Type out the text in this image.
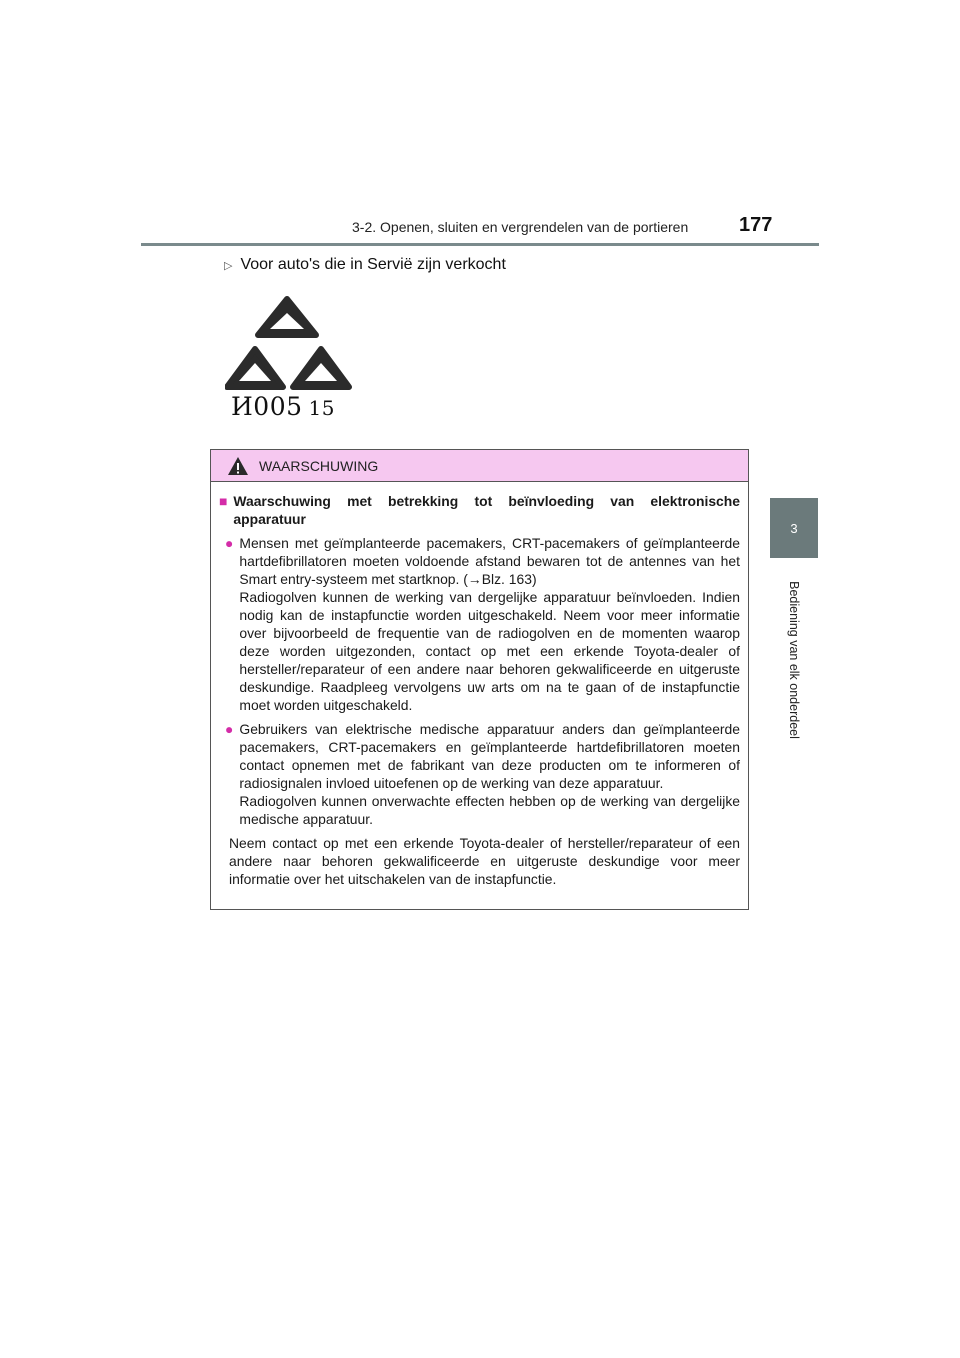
3-2. Openen, sluiten en vergrendelen van de portieren	177
3
Bediening van elk onderdeel
▷ Voor auto's die in Servië zijn verkocht
И005 15
WAARSCHUWING
■ Waarschuwing met betrekking tot beïnvloeding van elektronische apparatuur
● Mensen met geïmplanteerde pacemakers, CRT-pacemakers of geïmplanteerde hartdefibrillatoren moeten voldoende afstand bewaren tot de antennes van het Smart entry-systeem met startknop. (→Blz. 163)

Radiogolven kunnen de werking van dergelijke apparatuur beïnvloeden. Indien nodig kan de instapfunctie worden uitgeschakeld. Neem voor meer informatie over bijvoorbeeld de frequentie van de radiogolven en de momenten waarop deze worden uitgezonden, contact op met een erkende Toyota-dealer of hersteller/reparateur of een andere naar behoren gekwalificeerde en uitgeruste deskundige. Raadpleeg vervolgens uw arts om na te gaan of de instapfunctie moet worden uitgeschakeld.

● Gebruikers van elektrische medische apparatuur anders dan geïmplanteerde pacemakers, CRT-pacemakers en geïmplanteerde hartdefibrillatoren moeten contact opnemen met de fabrikant van deze producten om te informeren of radiosignalen invloed uitoefenen op de werking van deze apparatuur.

Radiogolven kunnen onverwachte effecten hebben op de werking van dergelijke medische apparatuur.

Neem contact op met een erkende Toyota-dealer of hersteller/reparateur of een andere naar behoren gekwalificeerde en uitgeruste deskundige voor meer informatie over het uitschakelen van de instapfunctie.
